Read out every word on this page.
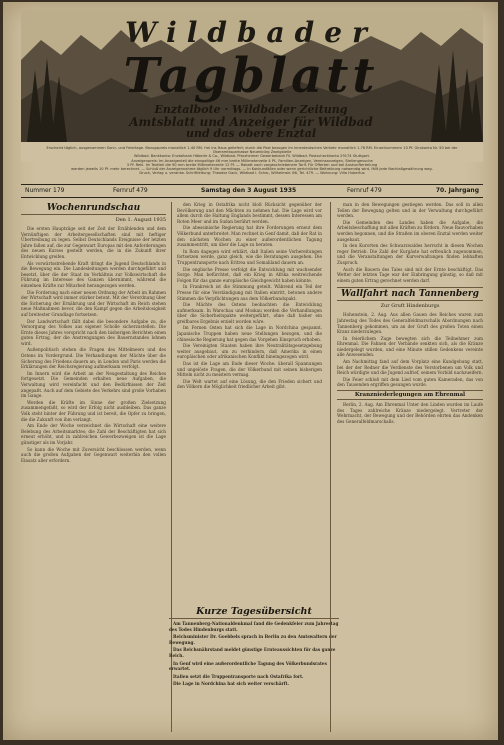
Wildbader
Tagblatt
Enztalbote · Wildbader Zeitung
Amtsblatt und Anzeiger für Wildbad
und das obere Enztal
Erscheint täglich, ausgenommen Sonn- und Feiertage. Bezugspreis monatlich 1.40 RM. frei ins Haus geliefert; durch die Post bezogen im innerdeutschen Verkehr monatlich 1.76 RM. Einzelnummern 10 Pf. Girokonto Nr. 50 bei der Oberamtssparkasse Neuenbürg Zweigstelle
Wildbad. Bankkonto: Enztalbank Häberle & Co., Wildbad. Pforzheimer Gewerbebank Fil. Wildbad. Postscheckkonto 29174 Stuttgart.
Anzeigenpreis: Im Anzeigenteil die einspaltige 46 mm breite Millimeterzeile 4 Pf., Familien-Anzeigen, Vereinsanzeigen, Stellengesuche
3 Pf. Rekl. Im Textteil die 90 mm breite Millimeterzeile 12 Pf. — Rabatt nach vorgeschriebenem Tarif. Für Offerten und bei Auskunfterteilung
werden jeweils 10 Pf. mehr berechnet. — Schluß der Anzeigennahme täglich 9 Uhr vormittags. — In Konkursfällen oder wenn gerichtliche Beitreibung notwendig wird, fällt jede Nachlaßgewährung weg.
Druck, Verlag u. verantw. Schriftleitung: Theodor Gack, Wildbad i. Schw., Wilhelmstr. 86, Tel. 479. — Wohnung: Villa Hubertus
Nummer 179	Fernruf 479	Samstag den 3 August 1935	Fernruf 479	70. Jahrgang
Wochenrundschau
Den 1. August 1935

Die ersten Hauptzüge seit der Zeit der Erzählenden und dem Vernünftigen der Arbeitergesellschaften sind mit heftiger Übertreibung zu legen. Selbst Deutschlands Ereignisse der letzten Jahre fallen auf, die zur Gegenwart Europas mit den Anforderungen des neuen Kurses gestellt werden, die in die Zukunft ihrer Entwicklung greifen.

Als vorwärtsstrebende Kraft dringt die Jugend Deutschlands in die Bewegung ein. Die Landesleitungen werden durchgeführt und besetzt, über die der Staat im Verhältnis zur Volkswirtschaft die Führung im Interesse des Ganzen übernimmt, während die einzelnen Kräfte zur Mitarbeit herangezogen werden.

Die Forderung nach einer neuen Ordnung der Arbeit im Rahmen der Wirtschaft wird immer stärker betont. Mit der Verordnung über die Sicherung der Ernährung und der Wirtschaft im Reich stehen neue Maßnahmen bevor, die den Kampf gegen die Arbeitslosigkeit auf breitester Grundlage fortsetzen.

Der Landwirtschaft fällt dabei die besondere Aufgabe zu, die Versorgung des Volkes aus eigener Scholle sicherzustellen. Die Ernte dieses Jahres verspricht nach den bisherigen Berichten einen guten Ertrag, der die Anstrengungen des Bauernstandes lohnen wird.

Außenpolitisch stehen die Fragen des Mittelmeers und des Ostens im Vordergrund. Die Verhandlungen der Mächte über die Sicherung des Friedens dauern an; in London und Paris werden die Erklärungen der Reichsregierung aufmerksam verfolgt.

Im Innern wird die Arbeit an der Neugestaltung des Reiches fortgesetzt. Die Gemeinden erhalten neue Aufgaben, die Verwaltung wird vereinfacht und den Bedürfnissen der Zeit angepaßt. Auch auf dem Gebiete des Verkehrs sind große Vorhaben im Gange.

Werden die Kräfte im Sinne der großen Zielsetzung zusammengefaßt, so wird der Erfolg nicht ausbleiben. Das ganze Volk steht hinter der Führung und ist bereit, die Opfer zu bringen, die die Zukunft von ihm verlangt.

Am Ende der Woche verzeichnet die Wirtschaft eine weitere Belebung des Arbeitsmarktes; die Zahl der Beschäftigten hat sich erneut erhöht, und in zahlreichen Gewerbezweigen ist die Lage günstiger als im Vorjahr.

So kann die Woche mit Zuversicht beschlossen werden, wenn auch die großen Aufgaben der Gegenwart weiterhin den vollen Einsatz aller erfordern.

den Krieg in Ostafrika nicht bloß Rücksicht gegenüber der Bevölkerung und den Mächten zu nehmen hat. Die Lage wird vor allem durch die Haltung Englands bestimmt, dessen Interessen am Roten Meer und im Sudan berührt werden.

Die abessinische Regierung hat ihre Forderungen erneut dem Völkerbund unterbreitet. Man rechnet in Genf damit, daß der Rat in den nächsten Wochen zu einer außerordentlichen Tagung zusammentritt, um über die Lage zu beraten.

In Rom dagegen wird erklärt, daß Italien seine Vorbereitungen fortsetzen werde, ganz gleich, wie die Beratungen ausgehen. Die Truppentransporte nach Eritrea und Somaliland dauern an.

Die englische Presse verfolgt die Entwicklung mit wachsender Sorge. Man befürchtet, daß ein Krieg in Afrika weitreichende Folgen für das ganze europäische Gleichgewicht haben könnte.

In Frankreich ist die Stimmung geteilt. Während ein Teil der Presse für eine Verständigung mit Italien eintritt, betonen andere Stimmen die Verpflichtungen aus dem Völkerbundspakt.

Die Mächte des Ostens beobachten die Entwicklung aufmerksam. In Warschau und Moskau werden die Verhandlungen über die Sicherheitspakte weitergeführt, ohne daß bisher ein greifbares Ergebnis erzielt worden wäre.

Im Fernen Osten hat sich die Lage in Nordchina gespannt. Japanische Truppen haben neue Stellungen bezogen, und die chinesische Regierung hat gegen das Vorgehen Einspruch erhoben.

Die Vereinigten Staaten haben ihre Neutralitätsgesetzgebung weiter ausgebaut, um zu verhindern, daß Amerika in einen europäischen oder afrikanischen Konflikt hineingezogen wird.

Das ist die Lage am Ende dieser Woche: überall Spannungen und ungelöste Fragen, die der Völkerbund mit seinen bisherigen Mitteln nicht zu meistern vermag.

Die Welt wartet auf eine Lösung, die den Frieden sichert und den Völkern die Möglichkeit friedlicher Arbeit gibt.

Kurze Tagesübersicht

Am Tannenberg-Nationaldenkmal fand die Gedenkfeier zum Jahrestag des Todes Hindenburgs statt.

Reichsminister Dr. Goebbels sprach in Berlin zu den Amtswaltern der Bewegung.

Das Reichsnährstand meldet günstige Ernteaussichten für das ganze Reich.

In Genf wird eine außerordentliche Tagung des Völkerbundsrates erwartet.

Italien setzt die Truppentransporte nach Ostafrika fort.

Die Lage in Nordchina hat sich weiter verschärft.

man in den Bewegungen gestiegen werden. Das soll in allen Teilen der Bewegung gelten und in der Verwaltung durchgeführt werden.

Die Gemeinden des Landes haben die Aufgabe, die Arbeitsbeschaffung mit allen Kräften zu fördern. Neue Bauvorhaben werden begonnen, und die Straßen im oberen Enztal werden weiter ausgebaut.

In den Kurorten des Schwarzwaldes herrscht in diesen Wochen reger Betrieb. Die Zahl der Kurgäste hat erfreulich zugenommen, und die Veranstaltungen der Kurverwaltungen finden lebhaften Zuspruch.

Auch die Bauern des Tales sind mit der Ernte beschäftigt. Das Wetter der letzten Tage war der Einbringung günstig, so daß mit einem guten Ertrag gerechnet werden darf.

Wallfahrt nach Tannenberg
Zur Gruft Hindenburgs

Hohenstein, 2. Aug. Aus allen Gauen des Reiches waren zum Jahrestag des Todes des Generalfeldmarschalls Abordnungen nach Tannenberg gekommen, um an der Gruft des großen Toten einen Kranz niederzulegen.

In feierlichem Zuge bewegten sich die Teilnehmer zum Ehrenmal. Die Fahnen der Verbände senkten sich, als die Kränze niedergelegt wurden, und eine Minute stillen Gedenkens vereinte alle Anwesenden.

Am Nachmittag fand auf dem Vorplatz eine Kundgebung statt, bei der der Redner die Verdienste des Verstorbenen um Volk und Reich würdigte und die Jugend aufrief, seinem Vorbild nachzueifern.

Die Feier schloß mit dem Lied vom guten Kameraden, das von den Tausenden ergriffen gesungen wurde.

Kranzniederlegungen am Ehrenmal

Berlin, 2. Aug. Am Ehrenmal Unter den Linden wurden im Laufe des Tages zahlreiche Kränze niedergelegt. Vertreter der Wehrmacht, der Bewegung und der Behörden ehrten das Andenken des Generalfeldmarschalls.
